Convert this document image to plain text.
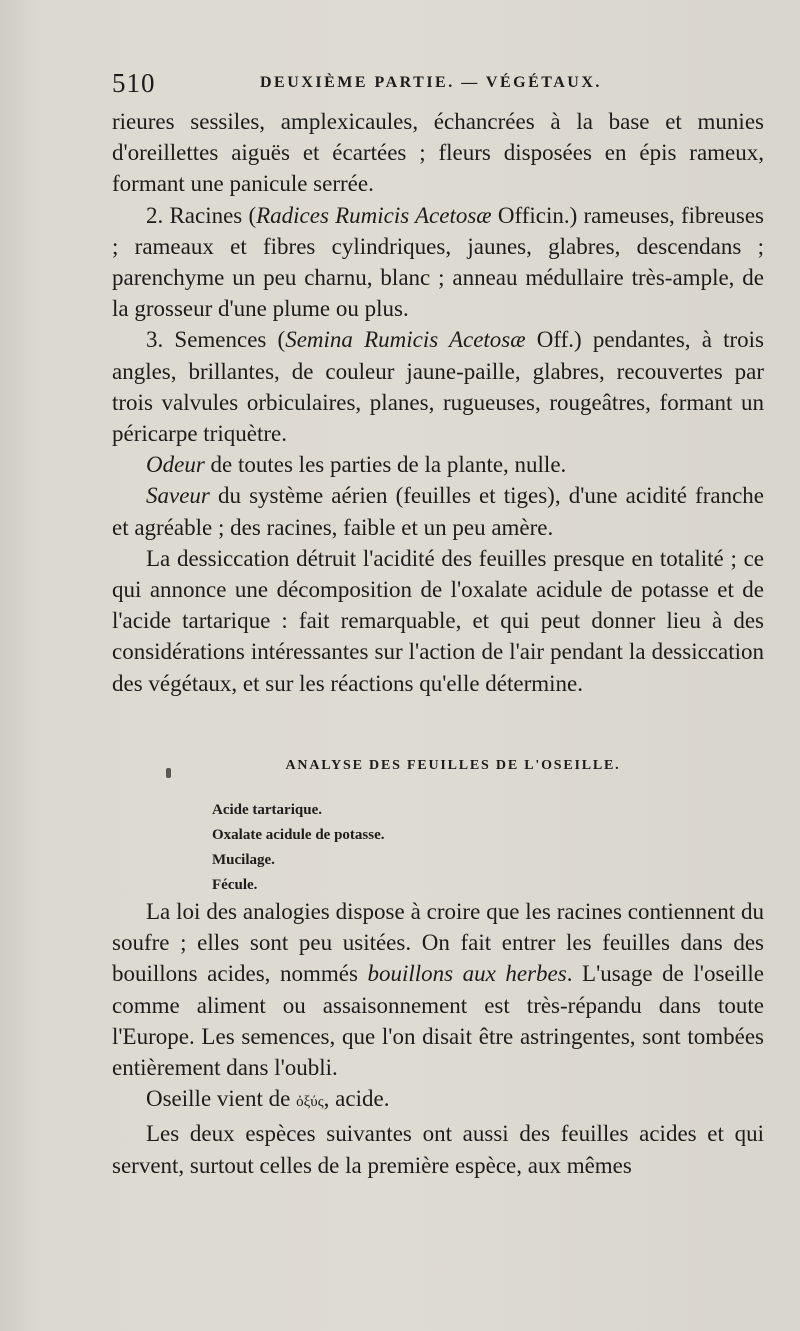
510	DEUXIÈME PARTIE. — VÉGÉTAUX.

rieures sessiles, amplexicaules, échancrées à la base et munies d'oreillettes aiguës et écartées ; fleurs disposées en épis rameux, formant une panicule serrée.

2. Racines (Radices Rumicis Acetosæ Officin.) rameuses, fibreuses ; rameaux et fibres cylindriques, jaunes, glabres, descendans ; parenchyme un peu charnu, blanc ; anneau médullaire très-ample, de la grosseur d'une plume ou plus.

3. Semences (Semina Rumicis Acetosæ Off.) pendantes, à trois angles, brillantes, de couleur jaune-paille, glabres, recouvertes par trois valvules orbiculaires, planes, rugueuses, rougeâtres, formant un péricarpe triquètre.

Odeur de toutes les parties de la plante, nulle.

Saveur du système aérien (feuilles et tiges), d'une acidité franche et agréable ; des racines, faible et un peu amère.

La dessiccation détruit l'acidité des feuilles presque en totalité ; ce qui annonce une décomposition de l'oxalate acidule de potasse et de l'acide tartarique : fait remarquable, et qui peut donner lieu à des considérations intéressantes sur l'action de l'air pendant la dessiccation des végétaux, et sur les réactions qu'elle détermine.

ANALYSE DES FEUILLES DE L'OSEILLE.
Acide tartarique.
Oxalate acidule de potasse.
Mucilage.
Fécule.

La loi des analogies dispose à croire que les racines contiennent du soufre ; elles sont peu usitées. On fait entrer les feuilles dans des bouillons acides, nommés bouillons aux herbes. L'usage de l'oseille comme aliment ou assaisonnement est très-répandu dans toute l'Europe. Les semences, que l'on disait être astringentes, sont tombées entièrement dans l'oubli.

Oseille vient de ὀξύς, acide.

Les deux espèces suivantes ont aussi des feuilles acides et qui servent, surtout celles de la première espèce, aux mêmes
